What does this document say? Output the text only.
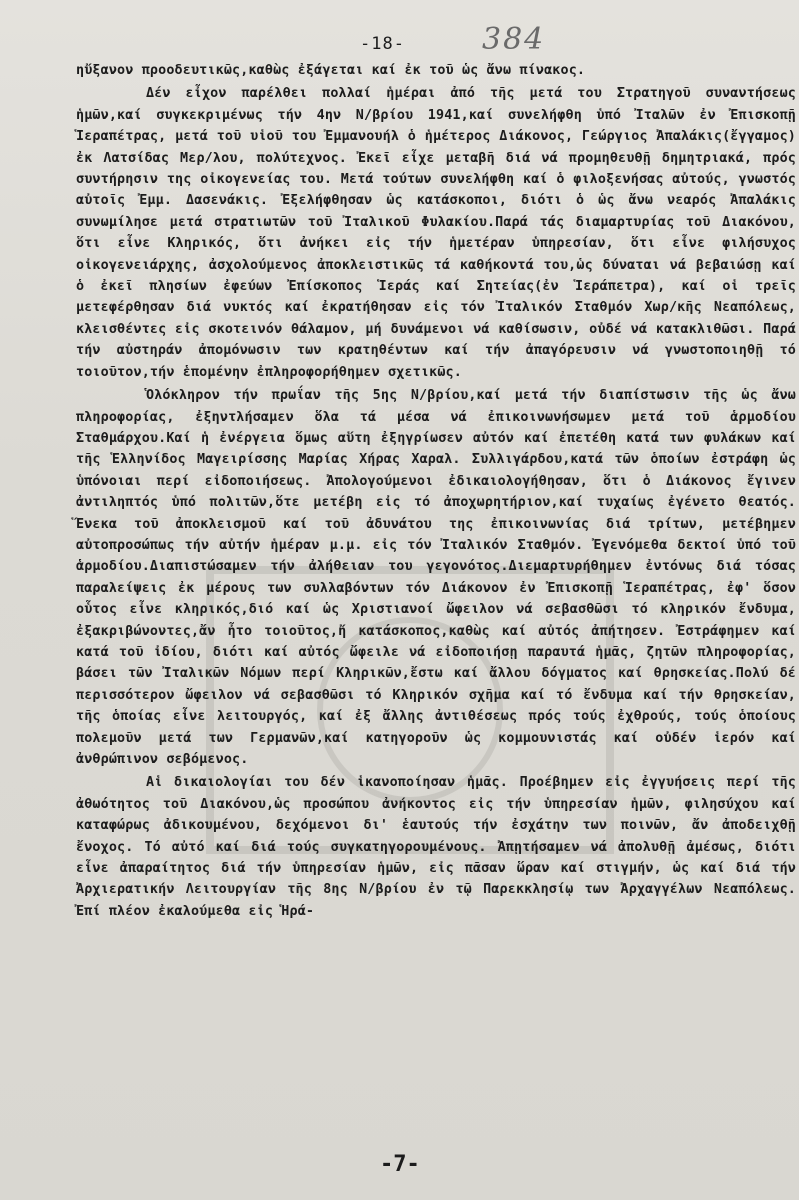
-18-	384

ηὔξανον προοδευτικῶς,καθὼς ἐξάγεται καί ἐκ τοῦ ὡς ἄνω πίνακος.

Δέν εἶχον παρέλθει πολλαί ἡμέραι ἀπό τῆς μετά του Στρατηγοῦ συναντήσεως ἡμῶν,καί συγκεκριμένως τήν 4ην Ν/βρίου 1941,καί συνελήφθη ὑπό Ἰταλῶν ἐν Ἐπισκοπῇ Ἱεραπέτρας, μετά τοῦ υἱοῦ του Ἐμμανουήλ ὁ ἡμέτερος Διάκονος, Γεώργιος Ἀπαλάκις(ἔγγαμος) ἐκ Λατσίδας Μερ/λου, πολύτεχνος. Ἐκεῖ εἶχε μεταβῆ διά νά προμηθευθῇ δημητριακά, πρός συντήρησιν της οἰκογενείας του. Μετά τούτων συνελήφθη καί ὁ φιλοξενήσας αὐτούς, γνωστός αὐτοῖς Ἐμμ. Δασενάκις. Ἐξελήφθησαν ὡς κατάσκοποι, διότι ὁ ὡς ἄνω νεαρός Ἀπαλάκις συνωμίλησε μετά στρατιωτῶν τοῦ Ἰταλικοῦ Φυλακίου.Παρά τάς διαμαρτυρίας τοῦ Διακόνου, ὅτι εἶνε Κληρικός, ὅτι ἀνήκει εἰς τήν ἡμετέραν ὑπηρεσίαν, ὅτι εἶνε φιλήσυχος οἰκογενειάρχης, ἀσχολούμενος ἀποκλειστικῶς τά καθήκοντά του,ὡς δύναται νά βεβαιώσῃ καί ὁ ἐκεῖ πλησίων ἐφεύων Ἐπίσκοπος Ἱεράς καί Σητείας(ἐν Ἱεράπετρα), καί οἱ τρεῖς μετεφέρθησαν διά νυκτός καί ἐκρατήθησαν εἰς τόν Ἰταλικόν Σταθμόν Χωρ/κῆς Νεαπόλεως, κλεισθέντες εἰς σκοτεινόν θάλαμον, μή δυνάμενοι νά καθίσωσιν, οὐδέ νά κατακλιθῶσι. Παρά τήν αὐστηράν ἀπομόνωσιν των κρατηθέντων καί τήν ἀπαγόρευσιν νά γνωστοποιηθῇ τό τοιοῦτον,τήν ἑπομένην ἐπληροφορήθημεν σχετικῶς.

Ὁλόκληρον τήν πρωΐαν τῆς 5ης Ν/βρίου,καί μετά τήν διαπίστωσιν τῆς ὡς ἄνω πληροφορίας, ἐξηντλήσαμεν ὅλα τά μέσα νά ἐπικοινωνήσωμεν μετά τοῦ ἁρμοδίου Σταθμάρχου.Καί ἡ ἐνέργεια ὅμως αὕτη ἐξηγρίωσεν αὐτόν καί ἐπετέθη κατά των φυλάκων καί τῆς Ἑλληνίδος Μαγειρίσσης Μαρίας Χήρας Χαραλ. Συλλιγάρδου,κατά τῶν ὁποίων ἐστράφη ὡς ὑπόνοιαι περί εἰδοποιήσεως. Ἀπολογούμενοι ἐδικαιολογήθησαν, ὅτι ὁ Διάκονος ἔγινεν ἀντιληπτός ὑπό πολιτῶν,ὅτε μετέβη εἰς τό ἀποχωρητήριον,καί τυχαίως ἐγένετο θεατός. Ἕνεκα τοῦ ἀποκλεισμοῦ καί τοῦ ἀδυνάτου της ἐπικοινωνίας διά τρίτων, μετέβημεν αὐτοπροσώπως τήν αὐτήν ἡμέραν μ.μ. εἰς τόν Ἰταλικόν Σταθμόν. Ἐγενόμεθα δεκτοί ὑπό τοῦ ἁρμοδίου.Διαπιστώσαμεν τήν ἀλήθειαν του γεγονότος.Διεμαρτυρήθημεν ἐντόνως διά τόσας παραλείψεις ἐκ μέρους των συλλαβόντων τόν Διάκονον ἐν Ἐπισκοπῇ Ἱεραπέτρας, ἐφ' ὅσον οὗτος εἶνε κληρικός,διό καί ὡς Χριστιανοί ὤφειλον νά σεβασθῶσι τό κληρικόν ἔνδυμα, ἐξακριβώνοντες,ἄν ἦτο τοιοῦτος,ἤ κατάσκοπος,καθὼς καί αὐτός ἀπήτησεν. Ἐστράφημεν καί κατά τοῦ ἰδίου, διότι καί αὐτός ὤφειλε νά εἰδοποιήσῃ παραυτά ἡμᾶς, ζητῶν πληροφορίας, βάσει τῶν Ἰταλικῶν Νόμων περί Κληρικῶν,ἔστω καί ἄλλου δόγματος καί θρησκείας.Πολύ δέ περισσότερον ὤφειλον νά σεβασθῶσι τό Κληρικόν σχῆμα καί τό ἔνδυμα καί τήν θρησκείαν, τῆς ὁποίας εἶνε λειτουργός, καί ἐξ ἄλλης ἀντιθέσεως πρός τούς ἐχθρούς, τούς ὁποίους πολεμοῦν μετά των Γερμανῶν,καί κατηγοροῦν ὡς κομμουνιστάς καί οὐδέν ἱερόν καί ἀνθρώπινον σεβόμενος.

Αἱ δικαιολογίαι του δέν ἱκανοποίησαν ἡμᾶς. Προέβημεν εἰς ἐγγυήσεις περί τῆς ἀθωότητος τοῦ Διακόνου,ὡς προσώπου ἀνήκοντος εἰς τήν ὑπηρεσίαν ἡμῶν, φιλησύχου καί καταφώρως ἀδικουμένου, δεχόμενοι δι' ἑαυτούς τήν ἐσχάτην των ποινῶν, ἄν ἀποδειχθῇ ἔνοχος. Τό αὐτό καί διά τούς συγκατηγορουμένους. Ἀπῃτήσαμεν νά ἀπολυθῇ ἀμέσως, διότι εἶνε ἀπαραίτητος διά τήν ὑπηρεσίαν ἡμῶν, εἰς πᾶσαν ὥραν καί στιγμήν, ὡς καί διά τήν Ἀρχιερατικήν Λειτουργίαν τῆς 8ης Ν/βρίου ἐν τῷ Παρεκκλησίῳ των Ἀρχαγγέλων Νεαπόλεως. Ἐπί πλέον ἐκαλούμεθα εἰς Ἡρά-

-7-
